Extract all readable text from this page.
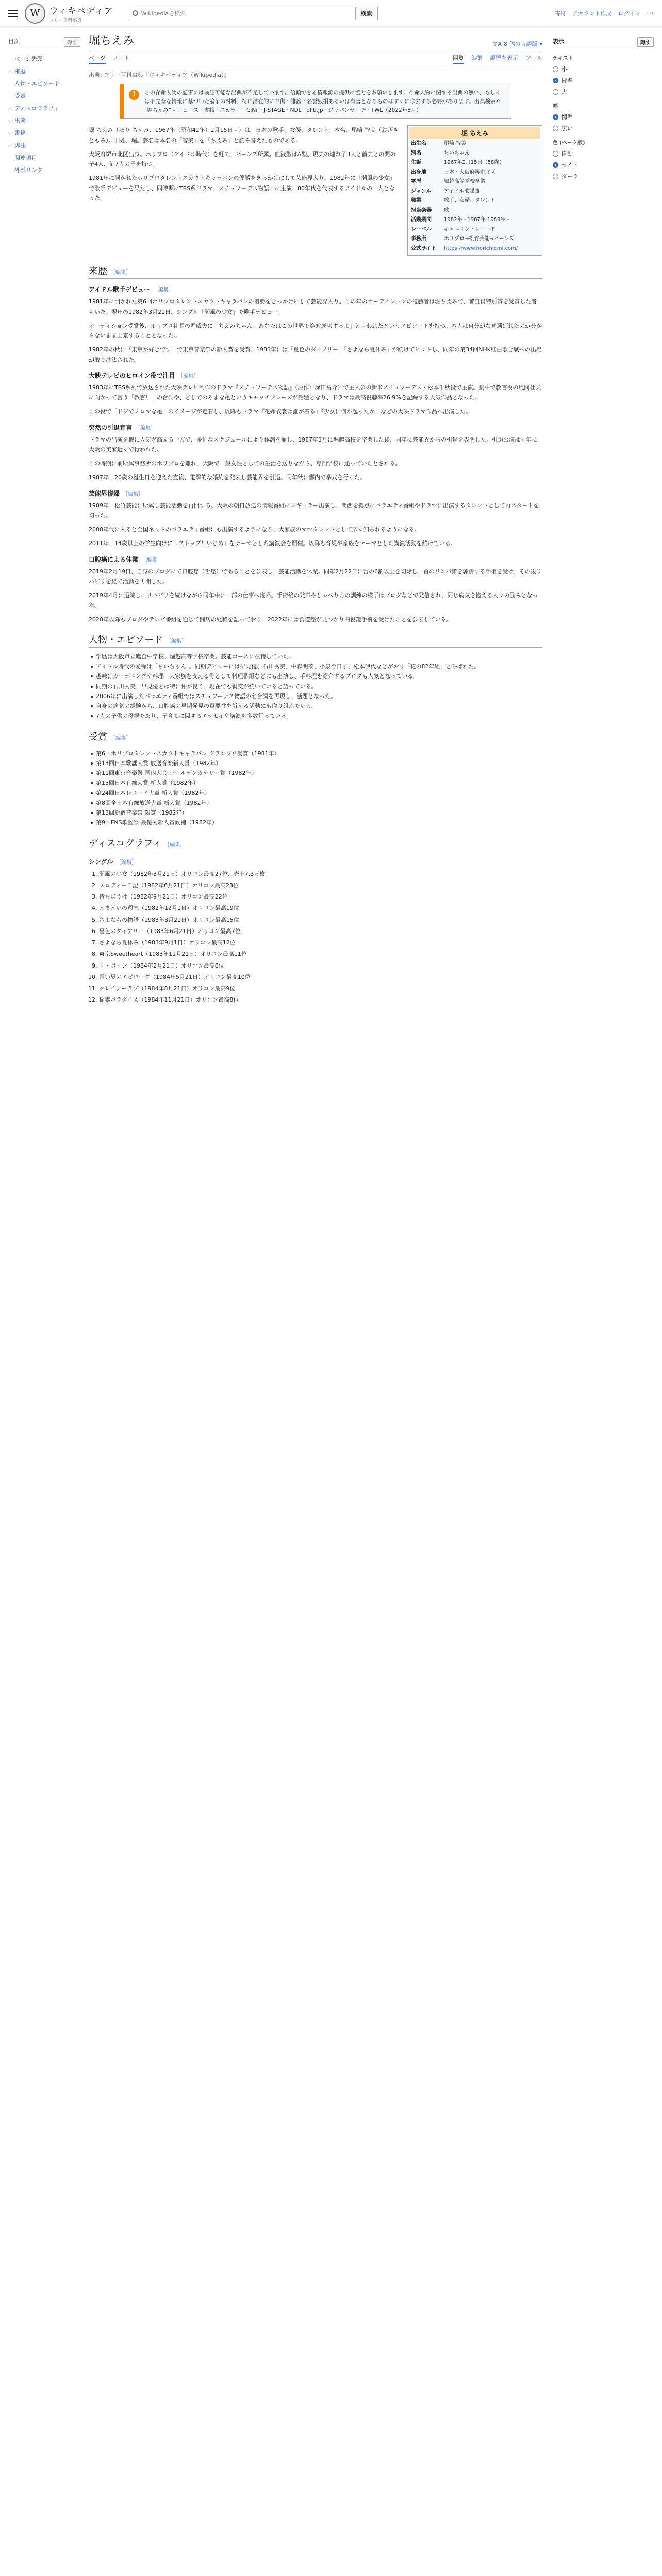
W	ウィキペディア
フリー百科事典
Wikipediaを検索	検索	寄付 アカウント作成 ログイン ⋯
目次	隠す
ページ先頭
› 来歴
人物・エピソード
受賞
› ディスコグラフィ
› 出演
› 書籍
› 脚注
関連項目
外部リンク
堀ちえみ	文A 8 個の言語版 ▾
ページ ノート	閲覧 編集 履歴を表示 ツール
出典: フリー百科事典『ウィキペディア（Wikipedia）』
!	この存命人物の記事には検証可能な出典が不足しています。信頼できる情報源の提供に協力をお願いします。存命人物に関する出典の無い、もしくは不完全な情報に基づいた論争の材料、特に潜在的に中傷・誹謗・名誉毀損あるいは有害となるものはすぐに除去する必要があります。出典検索?: "堀ちえみ" – ニュース · 書籍 · スカラー · CiNii · J-STAGE · NDL · dlib.jp · ジャパンサーチ · TWL（2022年8月）

堀 ちえみ（ほり ちえみ、1967年（昭和42年）2月15日 - ）は、日本の歌手、女優、タレント。本名、尾崎 智美（おざき ともみ）。旧姓、堀。芸名は本名の「智美」を「ちえみ」と読み替えたものである。

大阪府堺市北区出身。ホリプロ（アイドル時代）を経て、ビーンズ所属。血液型はA型。現夫の連れ子3人と前夫との間の子4人、計7人の子を持つ。

1981年に開かれたホリプロタレントスカウトキャラバンの優勝をきっかけにして芸能界入り。1982年に「潮風の少女」で歌手デビューを果たし、同時期にTBS系ドラマ「スチュワーデス物語」に主演、80年代を代表するアイドルの一人となった。

堀 ちえみ
出生名	尾崎 智美
別名	ちいちゃん
生誕	1967年2月15日（58歳）
出身地	日本・大阪府堺市北区
学歴	堀越高等学校卒業
ジャンル	アイドル歌謡曲
職業	歌手、女優、タレント
担当楽器	歌
活動期間	1982年 - 1987年 1989年 -
レーベル	キャニオン・レコード
事務所	ホリプロ→松竹芸能→ビーンズ
公式サイト	https://www.horichiemi.com/
来歴 ［編集］
アイドル歌手デビュー ［編集］

1981年に開かれた第6回ホリプロタレントスカウトキャラバンの優勝をきっかけにして芸能界入り。この年のオーディションの優勝者は堀ちえみで、審査員特別賞を受賞した者もいた。翌年の1982年3月21日、シングル「潮風の少女」で歌手デビュー。

オーディション受賞後、ホリプロ社長の堀威夫に「ちえみちゃん、あなたはこの世界で絶対成功するよ」と言われたというエピソードを持つ。本人は自分がなぜ選ばれたのか分からないまま上京することとなった。

1982年の秋に「東京が好きです」で東京音楽祭の新人賞を受賞、1983年には「夏色のダイアリー」「さよなら夏休み」が続けてヒットし、同年の第34回NHK紅白歌合戦への出場が取り沙汰された。

大映テレビのヒロイン役で注目 ［編集］

1983年にTBS系列で放送された大映テレビ制作のドラマ『スチュワーデス物語』（原作：深田祐介）で主人公の新米スチュワーデス・松本千秋役で主演。劇中で教官役の風間杜夫に向かって言う「教官！」の台詞や、どじでのろまな亀というキャッチフレーズが話題となり、ドラマは最高視聴率26.9%を記録する人気作品となった。

この役で「ドジでノロマな亀」のイメージが定着し、以降もドラマ『花嫁衣裳は誰が着る』『少女に何が起ったか』などの大映ドラマ作品へ出演した。

突然の引退宣言 ［編集］

ドラマの出演を機に人気が高まる一方で、多忙なスケジュールにより体調を崩し、1987年3月に堀越高校を卒業した後、同年に芸能界からの引退を表明した。引退公演は同年に大阪の実家近くで行われた。

この時期に前所属事務所のホリプロを離れ、大阪で一般女性としての生活を送りながら、専門学校に通っていたとされる。

1987年、20歳の誕生日を迎えた直後、電撃的な婚約を発表し芸能界を引退。同年秋に都内で挙式を行った。

芸能界復帰 ［編集］

1989年、松竹芸能に所属し芸能活動を再開する。大阪の朝日放送の情報番組にレギュラー出演し、関西を拠点にバラエティ番組やドラマに出演するタレントとして再スタートを切った。

2000年代に入ると全国ネットのバラエティ番組にも出演するようになり、大家族のママタレントとして広く知られるようになる。

2011年、14歳以上の学生向けに『ストップ！いじめ』をテーマとした講演会を開催。以降も育児や家族をテーマとした講演活動を続けている。

口腔癌による休業 ［編集］

2019年2月19日、自身のブログにて口腔癌（舌癌）であることを公表し、芸能活動を休業。同年2月22日に舌の6割以上を切除し、首のリンパ節を郭清する手術を受け、その後リハビリを経て活動を再開した。

2019年4月に退院し、リハビリを続けながら同年中に一部の仕事へ復帰。手術後の発声やしゃべり方の訓練の様子はブログなどで発信され、同じ病気を抱える人々の励みとなった。

2020年以降もブログやテレビ番組を通じて闘病の経験を語っており、2022年には食道癌が見つかり内視鏡手術を受けたことを公表している。

人物・エピソード ［編集］
学歴は大阪市立鷹合中学校、堀越高等学校卒業。芸能コースに在籍していた。
アイドル時代の愛称は「ちいちゃん」。同期デビューには早見優、石川秀美、中森明菜、小泉今日子、松本伊代などがおり「花の82年組」と呼ばれた。
趣味はガーデニングや料理。大家族を支える母として料理番組などにも出演し、手料理を紹介するブログも人気となっている。
同期の石川秀美、早見優とは特に仲が良く、現在でも親交が続いていると語っている。
2006年に出演したバラエティ番組ではスチュワーデス物語の名台詞を再現し、話題となった。
自身の病気の経験から、口腔癌の早期発見の重要性を訴える活動にも取り組んでいる。
7人の子供の母親であり、子育てに関するエッセイや講演も多数行っている。
受賞 ［編集］
第6回ホリプロタレントスカウトキャラバン グランプリ受賞（1981年）
第13回日本歌謡大賞 放送音楽新人賞（1982年）
第11回東京音楽祭 国内大会 ゴールデンカナリー賞（1982年）
第15回日本有線大賞 新人賞（1982年）
第24回日本レコード大賞 新人賞（1982年）
第8回全日本有線放送大賞 新人賞（1982年）
第13回新宿音楽祭 銀賞（1982年）
第9回FNS歌謡祭 最優秀新人賞候補（1982年）
ディスコグラフィ ［編集］
シングル ［編集］
1. 潮風の少女（1982年3月21日）オリコン最高27位、売上7.3万枚
2. メロディー日記（1982年6月21日）オリコン最高28位
3. 待ちぼうけ（1982年9月21日）オリコン最高22位
4. とまどいの週末（1982年12月1日）オリコン最高19位
5. さよならの物語（1983年3月21日）オリコン最高15位
6. 夏色のダイアリー（1983年6月21日）オリコン最高7位
7. さよなら夏休み（1983年9月1日）オリコン最高12位
8. 東京Sweetheart（1983年11月21日）オリコン最高11位
9. リ・ボ・ン（1984年2月21日）オリコン最高6位
10. 青い夏のエピローグ（1984年5月21日）オリコン最高10位
11. クレイジーラブ（1984年8月21日）オリコン最高9位
12. 稲妻パラダイス（1984年11月21日）オリコン最高8位
表示	隠す
テキスト
小
標準
大
幅
標準
広い
色 (ベータ版)
自動
ライト
ダーク
